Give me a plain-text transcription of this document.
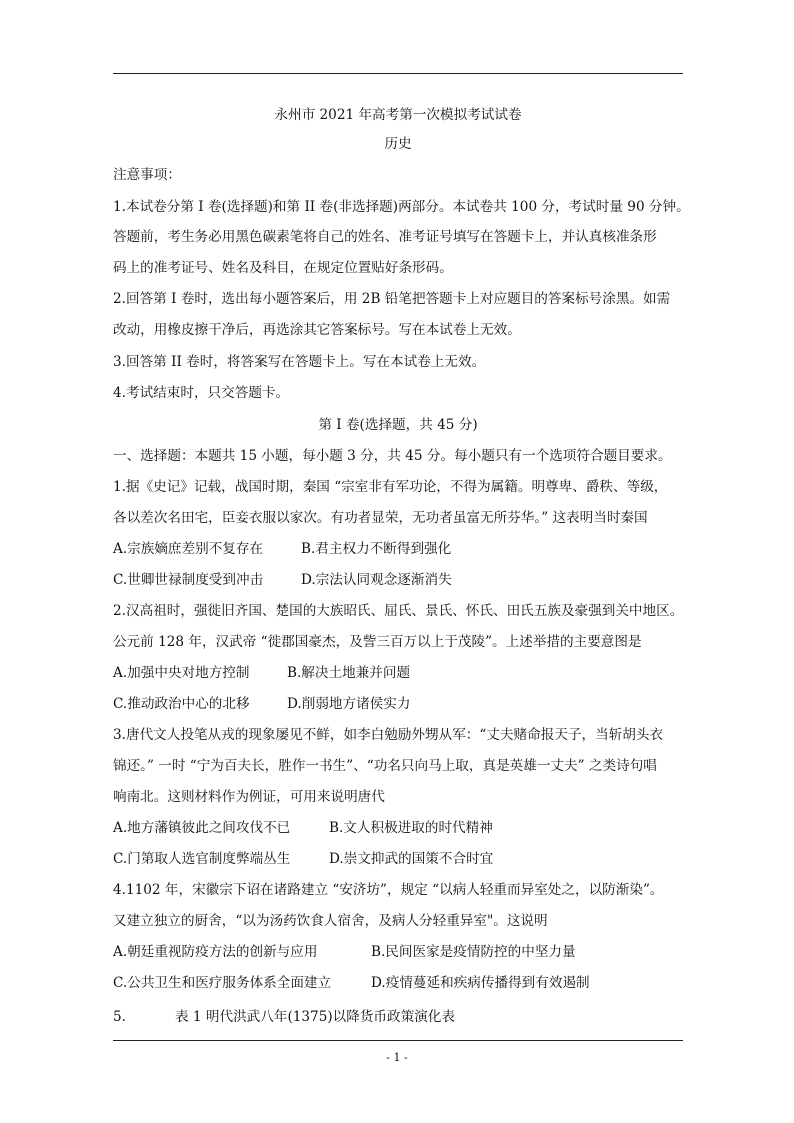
永州市 2021 年高考第一次模拟考试试卷
历史
注意事项：
1.本试卷分第 I 卷(选择题)和第 II 卷(非选择题)两部分。本试卷共 100 分，考试时量 90 分钟。
答题前，考生务必用黑色碳素笔将自己的姓名、准考证号填写在答题卡上，并认真核准条形
码上的准考证号、姓名及科目，在规定位置贴好条形码。
2.回答第 I 卷时，选出每小题答案后，用 2B 铅笔把答题卡上对应题目的答案标号涂黑。如需
改动，用橡皮擦干净后，再选涂其它答案标号。写在本试卷上无效。
3.回答第 II 卷时，将答案写在答题卡上。写在本试卷上无效。
4.考试结束时，只交答题卡。
第 I 卷(选择题，共 45 分)
一、选择题：本题共 15 小题，每小题 3 分，共 45 分。每小题只有一个选项符合题目要求。
1.据《史记》记载，战国时期，秦国 “宗室非有军功论，不得为属籍。明尊卑、爵秩、等级，
各以差次名田宅，臣妾衣服以家次。有功者显荣，无功者虽富无所芬华。” 这表明当时秦国
A.宗族嫡庶差别不复存在	B.君主权力不断得到强化
C.世卿世禄制度受到冲击	D.宗法认同观念逐渐消失
2.汉高祖时，强徙旧齐国、楚国的大族昭氏、屈氏、景氏、怀氏、田氏五族及豪强到关中地区。
公元前 128 年，汉武帝 “徙郡国豪杰，及訾三百万以上于茂陵”。上述举措的主要意图是
A.加强中央对地方控制	B.解决土地兼并问题
C.推动政治中心的北移	D.削弱地方诸侯实力
3.唐代文人投笔从戎的现象屡见不鲜，如李白勉励外甥从军：“丈夫赌命报天子，当斩胡头衣
锦还。” 一时 “宁为百夫长，胜作一书生”、“功名只向马上取，真是英雄一丈夫” 之类诗句唱
响南北。这则材料作为例证，可用来说明唐代
A.地方藩镇彼此之间攻伐不已	B.文人积极进取的时代精神
C.门第取人选官制度弊端丛生	D.崇文抑武的国策不合时宜
4.1102 年，宋徽宗下诏在诸路建立 “安济坊”，规定 “以病人轻重而异室处之，以防渐染”。
又建立独立的厨舍，“以为汤药饮食人宿舍，及病人分轻重异室"。这说明
A.朝廷重视防疫方法的创新与应用	B.民间医家是疫情防控的中坚力量
C.公共卫生和医疗服务体系全面建立	D.疫情蔓延和疾病传播得到有效遏制
5.	表 1 明代洪武八年(1375)以降货币政策演化表
- 1 -
